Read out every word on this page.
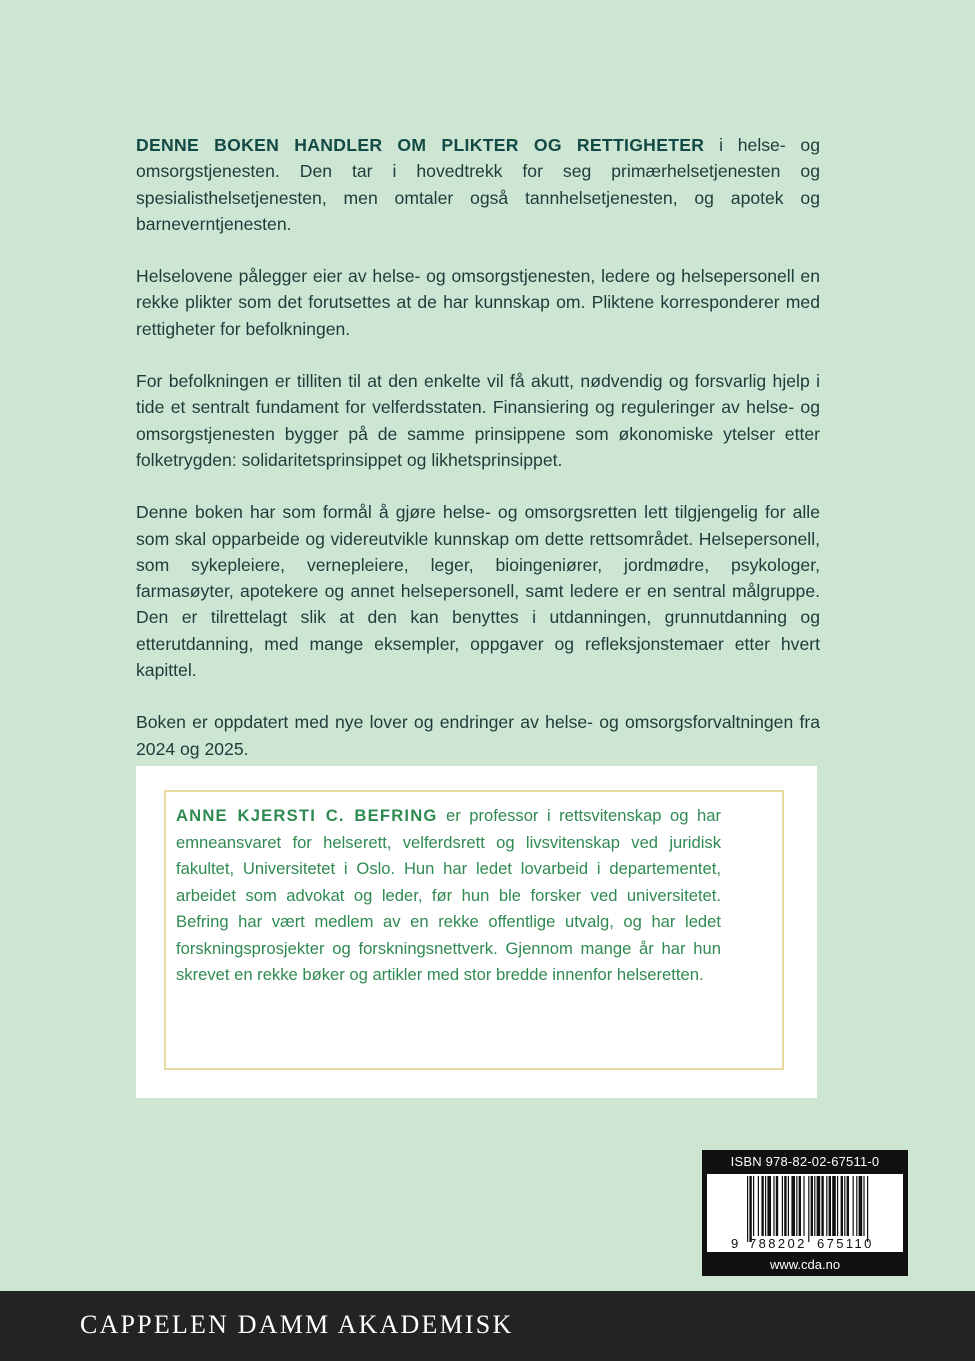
DENNE BOKEN HANDLER OM PLIKTER OG RETTIGHETER i helse- og omsorgstjenesten. Den tar i hovedtrekk for seg primærhelsetjenesten og spesialisthelsetjenesten, men omtaler også tannhelsetjenesten, og apotek og barneverntjenesten.

Helselovene pålegger eier av helse- og omsorgstjenesten, ledere og helsepersonell en rekke plikter som det forutsettes at de har kunnskap om. Pliktene korresponderer med rettigheter for befolkningen.

For befolkningen er tilliten til at den enkelte vil få akutt, nødvendig og forsvarlig hjelp i tide et sentralt fundament for velferdsstaten. Finansiering og reguleringer av helse- og omsorgstjenesten bygger på de samme prinsippene som økonomiske ytelser etter folketrygden: solidaritetsprinsippet og likhetsprinsippet.

Denne boken har som formål å gjøre helse- og omsorgsretten lett tilgjengelig for alle som skal opparbeide og videreutvikle kunnskap om dette rettsområdet. Helsepersonell, som sykepleiere, vernepleiere, leger, bioingeniører, jordmødre, psykologer, farmasøyter, apotekere og annet helsepersonell, samt ledere er en sentral målgruppe. Den er tilrettelagt slik at den kan benyttes i utdanningen, grunnutdanning og etterutdanning, med mange eksempler, oppgaver og refleksjonstemaer etter hvert kapittel.

Boken er oppdatert med nye lover og endringer av helse- og omsorgsforvaltningen fra 2024 og 2025.

ANNE KJERSTI C. BEFRING er professor i rettsvitenskap og har emneansvaret for helserett, velferdsrett og livsvitenskap ved juridisk fakultet, Universitetet i Oslo. Hun har ledet lovarbeid i departementet, arbeidet som advokat og leder, før hun ble forsker ved universitetet. Befring har vært medlem av en rekke offentlige utvalg, og har ledet forskningsprosjekter og forskningsnettverk. Gjennom mange år har hun skrevet en rekke bøker og artikler med stor bredde innenfor helseretten.
ISBN 978-82-02-67511-0
9 788202 675110
www.cda.no
CAPPELEN DAMM AKADEMISK
